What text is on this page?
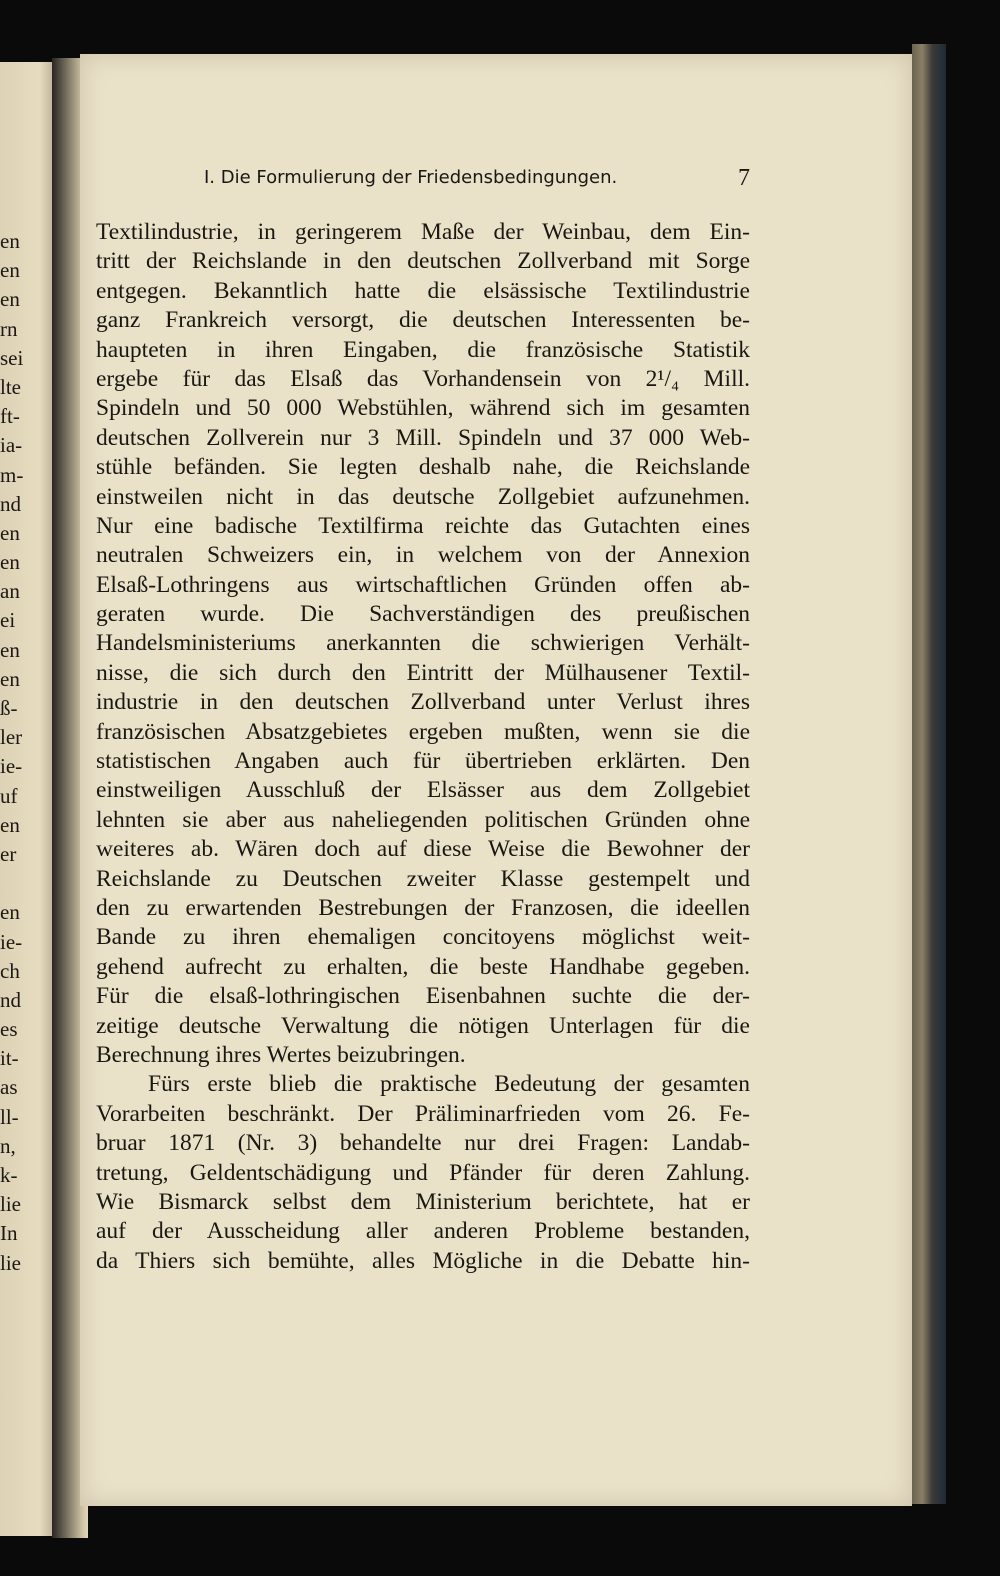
en
en
en
rn
sei
lte
ft-
ia-
m-
nd
en
en
an
ei
en
en
ß-
ler
ie-
uf
en
er
en
ie-
ch
nd
es
it-
as
ll-
n,
k-
lie
In
lie
I. Die Formulierung der Friedensbedingungen.	7
Textilindustrie, in geringerem Maße der Weinbau, dem Ein-
tritt der Reichslande in den deutschen Zollverband mit Sorge
entgegen. Bekanntlich hatte die elsässische Textilindustrie
ganz Frankreich versorgt, die deutschen Interessenten be-
haupteten in ihren Eingaben, die französische Statistik
ergebe für das Elsaß das Vorhandensein von 2¹/₄ Mill.
Spindeln und 50 000 Webstühlen, während sich im gesamten
deutschen Zollverein nur 3 Mill. Spindeln und 37 000 Web-
stühle befänden. Sie legten deshalb nahe, die Reichslande
einstweilen nicht in das deutsche Zollgebiet aufzunehmen.
Nur eine badische Textilfirma reichte das Gutachten eines
neutralen Schweizers ein, in welchem von der Annexion
Elsaß-Lothringens aus wirtschaftlichen Gründen offen ab-
geraten wurde. Die Sachverständigen des preußischen
Handelsministeriums anerkannten die schwierigen Verhält-
nisse, die sich durch den Eintritt der Mülhausener Textil-
industrie in den deutschen Zollverband unter Verlust ihres
französischen Absatzgebietes ergeben mußten, wenn sie die
statistischen Angaben auch für übertrieben erklärten. Den
einstweiligen Ausschluß der Elsässer aus dem Zollgebiet
lehnten sie aber aus naheliegenden politischen Gründen ohne
weiteres ab. Wären doch auf diese Weise die Bewohner der
Reichslande zu Deutschen zweiter Klasse gestempelt und
den zu erwartenden Bestrebungen der Franzosen, die ideellen
Bande zu ihren ehemaligen concitoyens möglichst weit-
gehend aufrecht zu erhalten, die beste Handhabe gegeben.
Für die elsaß-lothringischen Eisenbahnen suchte die der-
zeitige deutsche Verwaltung die nötigen Unterlagen für die
Berechnung ihres Wertes beizubringen.
Fürs erste blieb die praktische Bedeutung der gesamten
Vorarbeiten beschränkt. Der Präliminarfrieden vom 26. Fe-
bruar 1871 (Nr. 3) behandelte nur drei Fragen: Landab-
tretung, Geldentschädigung und Pfänder für deren Zahlung.
Wie Bismarck selbst dem Ministerium berichtete, hat er
auf der Ausscheidung aller anderen Probleme bestanden,
da Thiers sich bemühte, alles Mögliche in die Debatte hin-
